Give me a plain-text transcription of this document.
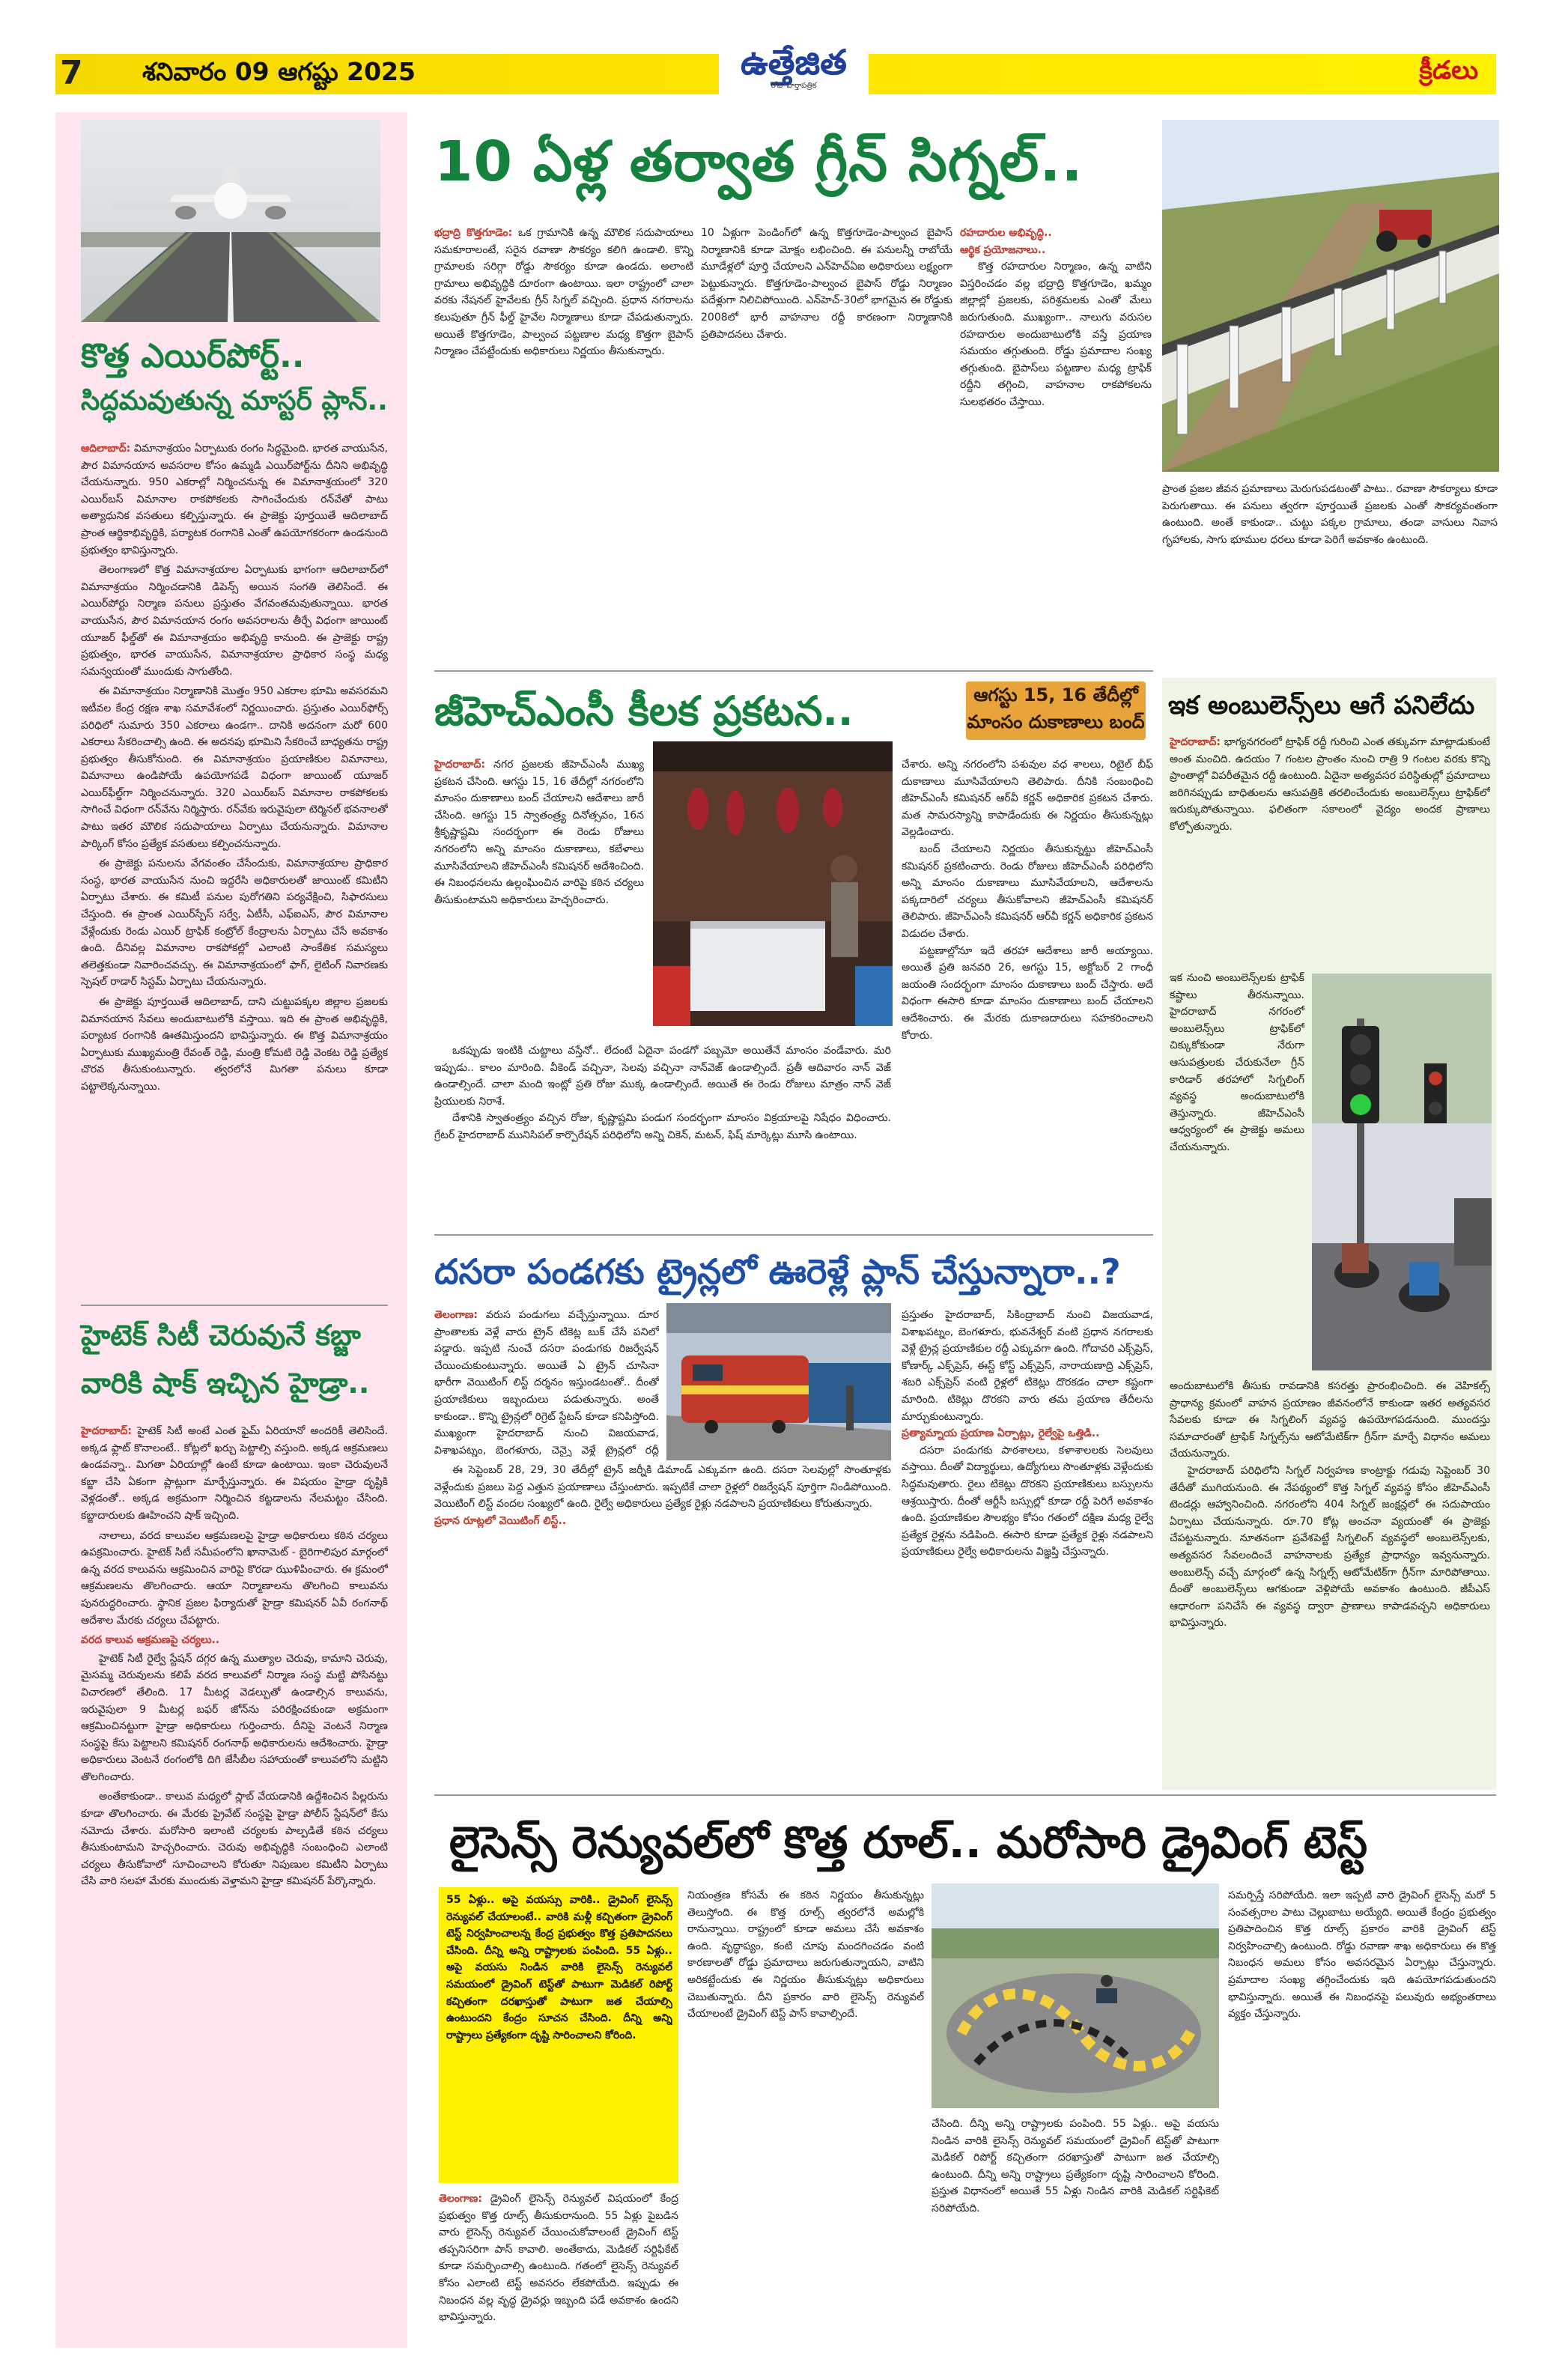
7 శనివారం 09 ఆగష్టు 2025	ఉత్తేజిత
రోజు వార్తాపత్రిక
క్రీడలు
కొత్త ఎయిర్‌పోర్ట్..
సిద్ధమవుతున్న మాస్టర్ ప్లాన్..

ఆదిలాబాద్: విమానాశ్రయం ఏర్పాటుకు రంగం సిద్ధమైంది. భారత వాయుసేన, పౌర విమానయాన అవసరాల కోసం ఉమ్మడి ఎయిర్‌పోర్ట్‌ను దీనిని అభివృద్ధి చేయనున్నారు. 950 ఎకరాల్లో నిర్మించనున్న ఈ విమానాశ్రయంలో 320 ఎయిర్‌బస్ విమానాల రాకపోకలకు సాగించేందుకు రన్‌వేతో పాటు అత్యాధునిక వసతులు కల్పిస్తున్నారు. ఈ ప్రాజెక్టు పూర్తయితే ఆదిలాబాద్ ప్రాంత ఆర్థికాభివృద్ధికి, పర్యాటక రంగానికి ఎంతో ఉపయోగకరంగా ఉండనుంది ప్రభుత్వం భావిస్తున్నారు.

తెలంగాణలో కొత్త విమానాశ్రయాల ఏర్పాటుకు భాగంగా ఆదిలాబాద్‌లో విమానాశ్రయం నిర్మించడానికి డిపెన్స్ అయిన సంగతి తెలిసిందే. ఈ ఎయిర్‌పోర్టు నిర్మాణ పనులు ప్రస్తుతం వేగవంతమవుతున్నాయి. భారత వాయుసేన, పౌర విమానయాన రంగం అవసరాలను తీర్చే విధంగా జాయింట్ యూజర్ ఫీల్డ్‌తో ఈ విమానాశ్రయం అభివృద్ధి కానుంది. ఈ ప్రాజెక్టు రాష్ట్ర ప్రభుత్వం, భారత వాయుసేన, విమానాశ్రయాల ప్రాధికార సంస్థ మధ్య సమన్వయంతో ముందుకు సాగుతోంది.

ఈ విమానాశ్రయం నిర్మాణానికి మొత్తం 950 ఎకరాల భూమి అవసరమని ఇటీవల కేంద్ర రక్షణ శాఖ సమావేశంలో నిర్ణయించారు. ప్రస్తుతం ఎయిర్‌ఫోర్స్ పరిధిలో సుమారు 350 ఎకరాలు ఉండగా.. దానికి అదనంగా మరో 600 ఎకరాలు సేకరించాల్సి ఉంది. ఈ అదనపు భూమిని సేకరించే బాధ్యతను రాష్ట్ర ప్రభుత్వం తీసుకోనుంది. ఈ విమానాశ్రయం ప్రయాణికుల విమానాలు, విమానాలు ఉండిపోయే ఉపయోగపడే విధంగా జాయింట్ యూజర్ ఎయిర్‌ఫీల్డ్‌గా నిర్మించనున్నారు. 320 ఎయిర్‌బస్ విమానాల రాకపోకలకు సాగించే విధంగా రన్‌వేను నిర్మిస్తారు. రన్‌వేకు ఇరువైపులా టెర్మినల్ భవనాలతో పాటు ఇతర మౌలిక సదుపాయాలు ఏర్పాటు చేయనున్నారు. విమానాల పార్కింగ్ కోసం ప్రత్యేక వసతులు కల్పించనున్నారు.

ఈ ప్రాజెక్టు పనులను వేగవంతం చేసేందుకు, విమానాశ్రయాల ప్రాధికార సంస్థ, భారత వాయుసేన నుంచి ఇద్దరేసి అధికారులతో జాయింట్ కమిటీని ఏర్పాటు చేశారు. ఈ కమిటీ పనుల పురోగతిని పర్యవేక్షించి, సిఫారసులు చేస్తుంది. ఈ ప్రాంత ఎయిర్‌స్పేస్ సర్వే, ఏటీసీ, ఎఫ్ఐఎస్, పౌర విమానాల వేళ్లేందుకు రెండు ఎయిర్ ట్రాఫిక్ కంట్రోల్ కేంద్రాలను ఏర్పాటు చేసే అవకాశం ఉంది. దీనివల్ల విమానాల రాకపోకల్లో ఎలాంటి సాంకేతిక సమస్యలు తలెత్తకుండా నివారించవచ్చు. ఈ విమానాశ్రయంలో ఫాగ్, లైటింగ్ నివారణకు స్పెషల్ రాడార్ సిస్టమ్ ఏర్పాటు చేయనున్నారు.

ఈ ప్రాజెక్టు పూర్తయితే ఆదిలాబాద్, దాని చుట్టుపక్కల జిల్లాల ప్రజలకు విమానయాన సేవలు అందుబాటులోకి వస్తాయి. ఇది ఈ ప్రాంత అభివృద్ధికి, పర్యాటక రంగానికి ఊతమిస్తుందని భావిస్తున్నారు. ఈ కొత్త విమానాశ్రయం ఏర్పాటుకు ముఖ్యమంత్రి రేవంత్ రెడ్డి, మంత్రి కోమటి రెడ్డి వెంకట రెడ్డి ప్రత్యేక చొరవ తీసుకుంటున్నారు. త్వరలోనే మిగతా పనులు కూడా పట్టాలెక్కనున్నాయి.

హైటెక్ సిటీ చెరువునే కబ్జా
వారికి షాక్ ఇచ్చిన హైడ్రా..

హైదరాబాద్: హైటెక్ సిటీ అంటే ఎంత ఫైమ్ ఏరియానో అందరికీ తెలిసిందే. అక్కడ ఫ్లాట్ కొనాలంటే.. కోట్లలో ఖర్చు పెట్టాల్సి వస్తుంది. అక్కడ ఆక్రమణలు ఉండవన్నా.. మిగతా ఏరియాల్లో ఉంటే కూడా ఉంటాయి. ఇంకా చెరువులనే కబ్జా చేసి ఏకంగా ప్లాట్లుగా మార్చేస్తున్నారు. ఈ విషయం హైడ్రా దృష్టికి వెళ్లడంతో.. అక్కడ అక్రమంగా నిర్మించిన కట్టడాలను నేలమట్టం చేసింది. కబ్జాదారులకు ఊహించని షాక్ ఇచ్చింది.

నాలాలు, వరద కాలువల ఆక్రమణలపై హైడ్రా అధికారులు కఠిన చర్యలు ఉపక్రమించారు. హైటెక్ సిటీ సమీపంలోని ఖానామెట్ - బైరిగాలిపుర మార్గంలో ఉన్న వరద కాలువను ఆక్రమించిన వారిపై కొరడా ఝుళిపించారు. ఈ క్రమంలో ఆక్రమణలను తొలగించారు. ఆయా నిర్మాణాలను తొలగించి కాలువను పునరుద్ధరించారు. స్థానిక ప్రజల ఫిర్యాదుతో హైడ్రా కమిషనర్ ఏవీ రంగనాథ్ ఆదేశాల మేరకు చర్యలు చేపట్టారు.

వరద కాలువ ఆక్రమణపై చర్యలు..

హైటెక్ సిటీ రైల్వే స్టేషన్ దగ్గర ఉన్న ముత్యాల చెరువు, కామాని చెరువు, మైసమ్మ చెరువులను కలిపే వరద కాలువలో నిర్మాణ సంస్థ మట్టి పోసినట్టు విచారణలో తేలింది. 17 మీటర్ల వెడల్పుతో ఉండాల్సిన కాలువను, ఇరువైపులా 9 మీటర్ల బఫర్ జోన్‌ను పరిరక్షించకుండా అక్రమంగా ఆక్రమించినట్టుగా హైడ్రా అధికారులు గుర్తించారు. దీనిపై వెంటనే నిర్మాణ సంస్థపై కేసు పెట్టాలని కమిషనర్ రంగనాథ్ అధికారులను ఆదేశించారు. హైడ్రా అధికారులు వెంటనే రంగంలోకి దిగి జేసీబీల సహాయంతో కాలువలోని మట్టిని తొలగించారు.

అంతేకాకుండా.. కాలువ మధ్యలో స్లాబ్ వేయడానికి ఉద్దేశించిన పిల్లరును కూడా తొలగించారు. ఈ మేరకు ప్రైవేట్ సంస్థపై హైడ్రా పోలీస్ స్టేషన్‌లో కేసు నమోదు చేశారు. మరోసారి ఇలాంటి చర్యలకు పాల్పడితే కఠిన చర్యలు తీసుకుంటామని హెచ్చరించారు. చెరువు అభివృద్ధికి సంబంధించి ఎలాంటి చర్యలు తీసుకోవాలో సూచించాలని కోరుతూ నిపుణుల కమిటీని ఏర్పాటు చేసి వారి సలహా మేరకు ముందుకు వెళ్తామని హైడ్రా కమిషనర్ పేర్కొన్నారు.

10 ఏళ్ల తర్వాత గ్రీన్ సిగ్నల్..

భద్రాద్రి కొత్తగూడెం: ఒక గ్రామానికి ఉన్న మౌలిక సదుపాయాలు సమకూరాలంటే, సరైన రవాణా సౌకర్యం కలిగి ఉండాలి. కొన్ని గ్రామాలకు సరిగ్గా రోడ్డు సౌకర్యం కూడా ఉండదు. అలాంటి గ్రామాలు అభివృద్ధికి దూరంగా ఉంటాయి. ఇలా రాష్ట్రంలో చాలా వరకు నేషనల్ హైవేలకు గ్రీన్ సిగ్నల్ వచ్చింది. ప్రధాన నగరాలను కలుపుతూ గ్రీన్ ఫీల్డ్ హైవేల నిర్మాణాలు కూడా చేపడుతున్నారు. అయితే కొత్తగూడెం, పాల్వంచ పట్టణాల మధ్య కొత్తగా బైపాస్ నిర్మాణం చేపట్టేందుకు అధికారులు నిర్ణయం తీసుకున్నారు.

10 ఏళ్లుగా పెండింగ్‌లో ఉన్న కొత్తగూడెం-పాల్వంచ బైపాస్ నిర్మాణానికి కూడా మోక్షం లభించింది. ఈ పనులన్నీ రాబోయే మూడేళ్లలో పూర్తి చేయాలని ఎన్‌హెచ్‌ఏఐ అధికారులు లక్ష్యంగా పెట్టుకున్నారు. కొత్తగూడెం-పాల్వంచ బైపాస్ రోడ్డు నిర్మాణం పదేళ్లుగా నిలిచిపోయింది. ఎన్‌హెచ్-30లో భాగమైన ఈ రోడ్డుకు 2008లో భారీ వాహనాల రద్దీ కారణంగా నిర్మాణానికి ప్రతిపాదనలు చేశారు.

రహదారుల అభివృద్ధి..

ఆర్థిక ప్రయోజనాలు..

కొత్త రహదారుల నిర్మాణం, ఉన్న వాటిని విస్తరించడం వల్ల భద్రాద్రి కొత్తగూడెం, ఖమ్మం జిల్లాల్లో ప్రజలకు, పరిశ్రమలకు ఎంతో మేలు జరుగుతుంది. ముఖ్యంగా.. నాలుగు వరుసల రహదారుల అందుబాటులోకి వస్తే ప్రయాణ సమయం తగ్గుతుంది. రోడ్డు ప్రమాదాల సంఖ్య తగ్గుతుంది. బైపాస్‌లు పట్టణాల మధ్య ట్రాఫిక్ రద్దీని తగ్గించి, వాహనాల రాకపోకలను సులభతరం చేస్తాయి.

ప్రాంత ప్రజల జీవన ప్రమాణాలు మెరుగుపడటంతో పాటు.. రవాణా సౌకర్యాలు కూడా పెరుగుతాయి. ఈ పనులు త్వరగా పూర్తయితే ప్రజలకు ఎంతో సౌకర్యవంతంగా ఉంటుంది. అంతే కాకుండా.. చుట్టు పక్కల గ్రామాలు, తండా వాసులు నివాస గృహాలకు, సాగు భూముల ధరలు కూడా పెరిగే అవకాశం ఉంటుంది.

జీహెచ్ఎంసీ కీలక ప్రకటన..	ఆగస్టు 15, 16 తేదీల్లో
మాంసం దుకాణాలు బంద్

హైదరాబాద్: నగర ప్రజలకు జీహెచ్ఎంసీ ముఖ్య ప్రకటన చేసింది. ఆగస్టు 15, 16 తేదీల్లో నగరంలోని మాంసం దుకాణాలు బంద్ చేయాలని ఆదేశాలు జారీ చేసింది. ఆగస్టు 15 స్వాతంత్ర్య దినోత్సవం, 16న శ్రీకృష్ణాష్టమి సందర్భంగా ఈ రెండు రోజులు నగరంలోని అన్ని మాంసం దుకాణాలు, కబేళాలు మూసివేయాలని జీహెచ్ఎంసీ కమిషనర్ ఆదేశించింది. ఈ నిబంధనలను ఉల్లంఘించిన వారిపై కఠిన చర్యలు తీసుకుంటామని అధికారులు హెచ్చరించారు.

ఒకప్పుడు ఇంటికి చుట్టాలు వస్తేనో.. లేదంటే ఏదైనా పండగో పబ్బమో అయితేనే మాంసం వండేవారు. మరి ఇప్పుడు.. కాలం మారింది. వీకెండ్ వచ్చినా, సెలవు వచ్చినా నాన్‌వెజ్ ఉండాల్సిందే. ప్రతీ ఆదివారం నాన్ వెజ్ ఉండాల్సిందే. చాలా మంది ఇంట్లో ప్రతి రోజు ముక్క ఉండాల్సిందే. అయితే ఈ రెండు రోజులు మాత్రం నాన్ వెజ్ ప్రియులకు నిరాశే.

దేశానికి స్వాతంత్ర్యం వచ్చిన రోజు, కృష్ణాష్టమి పండుగ సందర్భంగా మాంసం విక్రయాలపై నిషేధం విధించారు. గ్రేటర్ హైదరాబాద్ మునిసిపల్ కార్పొరేషన్ పరిధిలోని అన్ని చికెన్, మటన్, ఫిష్ మార్కెట్లు మూసి ఉంటాయి.

చేశారు. అన్ని నగరంలోని పశువుల వధ శాలలు, రిటైల్ బీఫ్ దుకాణాలు మూసివేయాలని తెలిపారు. దీనికి సంబంధించి జీహెచ్ఎంసీ కమిషనర్ ఆర్‌వీ కర్ణన్ అధికారిక ప్రకటన చేశారు. మత సామరస్యాన్ని కాపాడేందుకు ఈ నిర్ణయం తీసుకున్నట్లు వెల్లడించారు.

బంద్ చేయాలని నిర్ణయం తీసుకున్నట్టు జీహెచ్ఎంసీ కమిషనర్ ప్రకటించారు. రెండు రోజులు జీహెచ్ఎంసీ పరిధిలోని అన్ని మాంసం దుకాణాలు మూసివేయాలని, ఆదేశాలను పక్కదారిలో చర్యలు తీసుకోవాలని జీహెచ్ఎంసీ కమిషనర్ తెలిపారు. జీహెచ్ఎంసీ కమిషనర్ ఆర్‌వీ కర్ణన్ అధికారిక ప్రకటన విడుదల చేశారు.

పట్టణాల్లోనూ ఇదే తరహా ఆదేశాలు జారీ అయ్యాయి. అయితే ప్రతి జనవరి 26, ఆగస్టు 15, అక్టోబర్ 2 గాంధీ జయంతి సందర్భంగా మాంసం దుకాణాలు బంద్ చేస్తారు. అదే విధంగా ఈసారి కూడా మాంసం దుకాణాలు బంద్ చేయాలని ఆదేశించారు. ఈ మేరకు దుకాణదారులు సహకరించాలని కోరారు.

ఇక అంబులెన్స్‌లు ఆగే పనిలేదు

హైదరాబాద్: భాగ్యనగరంలో ట్రాఫిక్ రద్దీ గురించి ఎంత తక్కువగా మాట్లాడుకుంటే అంత మంచిది. ఉదయం 7 గంటల ప్రాంతం నుంచి రాత్రి 9 గంటల వరకు కొన్ని ప్రాంతాల్లో విపరీతమైన రద్దీ ఉంటుంది. ఏదైనా అత్యవసర పరిస్థితుల్లో ప్రమాదాలు జరిగినప్పుడు బాధితులను ఆసుపత్రికి తరలించేందుకు అంబులెన్స్‌లు ట్రాఫిక్‌లో ఇరుక్కుపోతున్నాయి. ఫలితంగా సకాలంలో వైద్యం అందక ప్రాణాలు కోల్పోతున్నారు.

ఇక నుంచి అంబులెన్స్‌లకు ట్రాఫిక్ కష్టాలు తీరనున్నాయి. హైదరాబాద్ నగరంలో అంబులెన్స్‌లు ట్రాఫిక్‌లో చిక్కుకోకుండా నేరుగా ఆసుపత్రులకు చేరుకునేలా గ్రీన్ కారిడార్ తరహాలో సిగ్నలింగ్ వ్యవస్థ అందుబాటులోకి తెస్తున్నారు. జీహెచ్ఎంసీ ఆధ్వర్యంలో ఈ ప్రాజెక్టు అమలు చేయనున్నారు.

అందుబాటులోకి తీసుకు రావడానికి కసరత్తు ప్రారంభించింది. ఈ వెహికల్స్ ప్రాధాన్య క్రమంలో వాహన ప్రయాణం జీవనంలోనే కాకుండా ఇతర అత్యవసర సేవలకు కూడా ఈ సిగ్నలింగ్ వ్యవస్థ ఉపయోగపడనుంది. ముందస్తు సమాచారంతో ట్రాఫిక్ సిగ్నల్స్‌ను ఆటోమేటిక్‌గా గ్రీన్‌గా మార్చే విధానం అమలు చేయనున్నారు.

హైదరాబాద్ పరిధిలోని సిగ్నల్ నిర్వహణ కాంట్రాక్టు గడువు సెప్టెంబర్ 30 తేదీతో ముగియనుంది. ఈ నేపథ్యంలో కొత్త సిగ్నల్ వ్యవస్థ కోసం జీహెచ్ఎంసీ టెండర్లు ఆహ్వానించింది. నగరంలోని 404 సిగ్నల్ జంక్షన్లలో ఈ సదుపాయం ఏర్పాటు చేయనున్నారు. రూ.70 కోట్ల అంచనా వ్యయంతో ఈ ప్రాజెక్టు చేపట్టనున్నారు. నూతనంగా ప్రవేశపెట్టే సిగ్నలింగ్ వ్యవస్థలో అంబులెన్స్‌లకు, అత్యవసర సేవలందించే వాహనాలకు ప్రత్యేక ప్రాధాన్యం ఇవ్వనున్నారు. అంబులెన్స్ వచ్చే మార్గంలో ఉన్న సిగ్నల్స్ ఆటోమేటిక్‌గా గ్రీన్‌గా మారిపోతాయి. దీంతో అంబులెన్స్‌లు ఆగకుండా వెళ్లిపోయే అవకాశం ఉంటుంది. జీపీఎస్ ఆధారంగా పనిచేసే ఈ వ్యవస్థ ద్వారా ప్రాణాలు కాపాడవచ్చని అధికారులు భావిస్తున్నారు.

దసరా పండగకు ట్రైన్లలో ఊరెళ్లే ప్లాన్ చేస్తున్నారా..?

తెలంగాణ: వరుస పండుగలు వచ్చేస్తున్నాయి. దూర ప్రాంతాలకు వెళ్లే వారు ట్రైన్ టికెట్ల బుక్ చేసే పనిలో పడ్డారు. ఇప్పటి నుంచే దసరా పండుగకు రిజర్వేషన్ చేయించుకుంటున్నారు. అయితే ఏ ట్రైన్ చూసినా భారీగా వెయిటింగ్ లిస్ట్ దర్శనం ఇస్తుండటంతో.. దీంతో ప్రయాణికులు ఇబ్బందులు పడుతున్నారు. అంతే కాకుండా.. కొన్ని ట్రైన్లలో రిగ్రెట్ స్టేటస్ కూడా కనిపిస్తోంది. ముఖ్యంగా హైదరాబాద్ నుంచి విజయవాడ, విశాఖపట్నం, బెంగళూరు, చెన్నై వెళ్లే ట్రైన్లలో రద్దీ

ఈ సెప్టెంబర్ 28, 29, 30 తేదీల్లో ట్రైన్ జర్నీకి డిమాండ్ ఎక్కువగా ఉంది. దసరా సెలవుల్లో సొంతూళ్లకు వెళ్లేందుకు ప్రజలు పెద్ద ఎత్తున ప్రయాణాలు చేస్తుంటారు. ఇప్పటికే చాలా రైళ్లలో రిజర్వేషన్ పూర్తిగా నిండిపోయింది. వెయిటింగ్ లిస్ట్ వందల సంఖ్యలో ఉంది. రైల్వే అధికారులు ప్రత్యేక రైళ్లు నడపాలని ప్రయాణికులు కోరుతున్నారు.

ప్రధాన రూట్లలో వెయిటింగ్ లిస్ట్..

ప్రస్తుతం హైదరాబాద్, సికింద్రాబాద్ నుంచి విజయవాడ, విశాఖపట్నం, బెంగళూరు, భువనేశ్వర్ వంటి ప్రధాన నగరాలకు వెళ్లే ట్రైన్ల ప్రయాణికుల రద్దీ ఎక్కువగా ఉంది. గోదావరి ఎక్స్‌ప్రెస్, కోణార్క్ ఎక్స్‌ప్రెస్, ఈస్ట్ కోస్ట్ ఎక్స్‌ప్రెస్, నారాయణాద్రి ఎక్స్‌ప్రెస్, శబరి ఎక్స్‌ప్రెస్ వంటి రైళ్లలో టికెట్లు దొరకడం చాలా కష్టంగా మారింది. టికెట్లు దొరకని వారు తమ ప్రయాణ తేదీలను మార్చుకుంటున్నారు.

ప్రత్యామ్నాయ ప్రయాణ ఏర్పాట్లు, రైల్వేపై ఒత్తిడి..

దసరా పండుగకు పాఠశాలలు, కళాశాలలకు సెలవులు వస్తాయి. దీంతో విద్యార్థులు, ఉద్యోగులు సొంతూళ్లకు వెళ్లేందుకు సిద్ధమవుతారు. రైలు టికెట్లు దొరకని ప్రయాణికులు బస్సులను ఆశ్రయిస్తారు. దీంతో ఆర్టీసీ బస్సుల్లో కూడా రద్దీ పెరిగే అవకాశం ఉంది. ప్రయాణికుల సౌలభ్యం కోసం గతంలో దక్షిణ మధ్య రైల్వే ప్రత్యేక రైళ్లను నడిపింది. ఈసారి కూడా ప్రత్యేక రైళ్లు నడపాలని ప్రయాణికులు రైల్వే అధికారులను విజ్ఞప్తి చేస్తున్నారు.

లైసెన్స్ రెన్యువల్‌లో కొత్త రూల్.. మరోసారి డ్రైవింగ్ టెస్ట్

55 ఏళ్లు.. అపై వయస్సు వారికి.. డ్రైవింగ్ లైసెన్స్ రెన్యువల్ చేయాలంటే.. వారికి మళ్లీ కచ్చితంగా డ్రైవింగ్ టెస్ట్ నిర్వహించాలన్న కేంద్ర ప్రభుత్వం కొత్త ప్రతిపాదనలు చేసింది. దీన్ని అన్ని రాష్ట్రాలకు పంపింది. 55 ఏళ్లు.. అపై వయసు నిండిన వారికి లైసెన్స్ రెన్యువల్ సమయంలో డ్రైవింగ్ టెస్ట్‌తో పాటుగా మెడికల్ రిపోర్ట్ కచ్చితంగా దరఖాస్తుతో పాటుగా జత చేయాల్సి ఉంటుందని కేంద్రం సూచన చేసింది. దీన్ని అన్ని రాష్ట్రాలు ప్రత్యేకంగా దృష్టి సారించాలని కోరింది.

తెలంగాణ: డ్రైవింగ్ లైసెన్స్ రెన్యువల్ విషయంలో కేంద్ర ప్రభుత్వం కొత్త రూల్స్ తీసుకురానుంది. 55 ఏళ్లు పైబడిన వారు లైసెన్స్ రెన్యువల్ చేయించుకోవాలంటే డ్రైవింగ్ టెస్ట్ తప్పనిసరిగా పాస్ కావాలి. అంతేకాదు, మెడికల్ సర్టిఫికేట్ కూడా సమర్పించాల్సి ఉంటుంది. గతంలో లైసెన్స్ రెన్యువల్ కోసం ఎలాంటి టెస్ట్ అవసరం లేకపోయేది. ఇప్పుడు ఈ నిబంధన వల్ల వృద్ధ డ్రైవర్లు ఇబ్బంది పడే అవకాశం ఉందని భావిస్తున్నారు.

నియంత్రణ కోసమే ఈ కఠిన నిర్ణయం తీసుకున్నట్లు తెలుస్తోంది. ఈ కొత్త రూల్స్ త్వరలోనే అమల్లోకి రానున్నాయి. రాష్ట్రంలో కూడా అమలు చేసే అవకాశం ఉంది. వృద్ధాప్యం, కంటి చూపు మందగించడం వంటి కారణాలతో రోడ్డు ప్రమాదాలు జరుగుతున్నాయని, వాటిని అరికట్టేందుకు ఈ నిర్ణయం తీసుకున్నట్లు అధికారులు చెబుతున్నారు. దీని ప్రకారం వారి లైసెన్స్ రెన్యువల్ చేయాలంటే డ్రైవింగ్ టెస్ట్ పాస్ కావాల్సిందే.

చేసింది. దీన్ని అన్ని రాష్ట్రాలకు పంపింది. 55 ఏళ్లు.. అపై వయసు నిండిన వారికి లైసెన్స్ రెన్యువల్ సమయంలో డ్రైవింగ్ టెస్ట్‌తో పాటుగా మెడికల్ రిపోర్ట్ కచ్చితంగా దరఖాస్తుతో పాటుగా జత చేయాల్సి ఉంటుంది. దీన్ని అన్ని రాష్ట్రాలు ప్రత్యేకంగా దృష్టి సారించాలని కోరింది. ప్రస్తుత విధానంలో అయితే 55 ఏళ్లు నిండిన వారికి మెడికల్ సర్టిఫికెట్ సరిపోయేది.

సమర్పిస్తే సరిపోయేది. ఇలా ఇప్పటి వారి డ్రైవింగ్ లైసెన్స్ మరో 5 సంవత్సరాల పాటు చెల్లుబాటు అయ్యేది. అయితే కేంద్రం ప్రభుత్వం ప్రతిపాదించిన కొత్త రూల్స్ ప్రకారం వారికి డ్రైవింగ్ టెస్ట్ నిర్వహించాల్సి ఉంటుంది. రోడ్డు రవాణా శాఖ అధికారులు ఈ కొత్త నిబంధన అమలు కోసం అవసరమైన ఏర్పాట్లు చేస్తున్నారు. ప్రమాదాల సంఖ్య తగ్గించేందుకు ఇది ఉపయోగపడుతుందని భావిస్తున్నారు. అయితే ఈ నిబంధనపై పలువురు అభ్యంతరాలు వ్యక్తం చేస్తున్నారు.
